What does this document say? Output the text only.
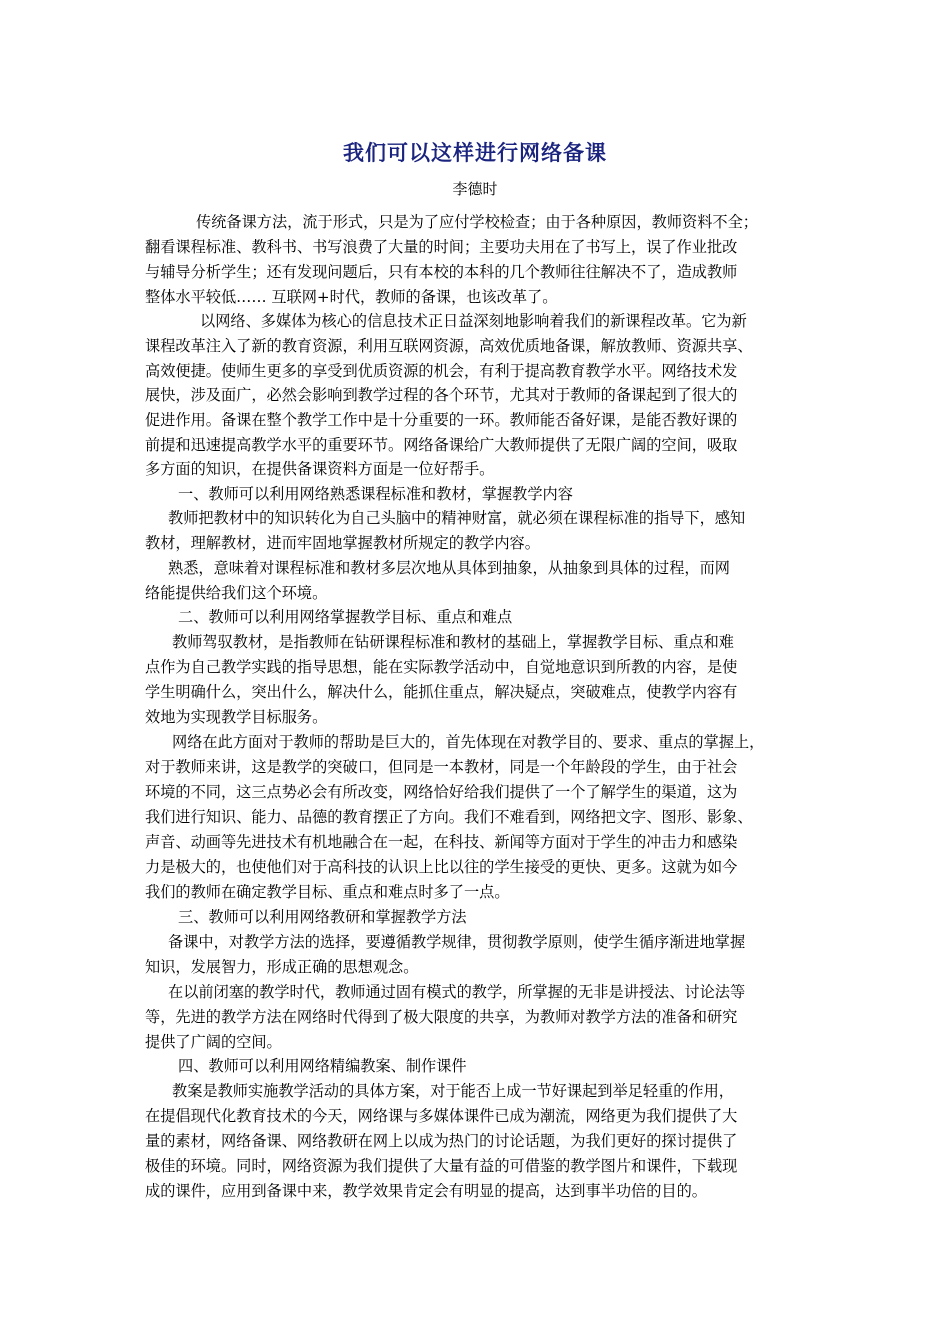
我们可以这样进行网络备课
李德时
传统备课方法，流于形式，只是为了应付学校检查；由于各种原因，教师资料不全；
翻看课程标准、教科书、书写浪费了大量的时间；主要功夫用在了书写上，误了作业批改
与辅导分析学生；还有发现问题后，只有本校的本科的几个教师往往解决不了，造成教师
整体水平较低…… 互联网+时代，教师的备课，也该改革了。
以网络、多媒体为核心的信息技术正日益深刻地影响着我们的新课程改革。它为新
课程改革注入了新的教育资源，利用互联网资源，高效优质地备课，解放教师、资源共享、
高效便捷。使师生更多的享受到优质资源的机会，有利于提高教育教学水平。网络技术发
展快，涉及面广，必然会影响到教学过程的各个环节，尤其对于教师的备课起到了很大的
促进作用。备课在整个教学工作中是十分重要的一环。教师能否备好课，是能否教好课的
前提和迅速提高教学水平的重要环节。网络备课给广大教师提供了无限广阔的空间，吸取
多方面的知识，在提供备课资料方面是一位好帮手。
一、教师可以利用网络熟悉课程标准和教材，掌握教学内容
教师把教材中的知识转化为自己头脑中的精神财富，就必须在课程标准的指导下，感知
教材，理解教材，进而牢固地掌握教材所规定的教学内容。
熟悉，意味着对课程标准和教材多层次地从具体到抽象，从抽象到具体的过程，而网
络能提供给我们这个环境。
二、教师可以利用网络掌握教学目标、重点和难点
教师驾驭教材，是指教师在钻研课程标准和教材的基础上，掌握教学目标、重点和难
点作为自己教学实践的指导思想，能在实际教学活动中，自觉地意识到所教的内容，是使
学生明确什么，突出什么，解决什么，能抓住重点，解决疑点，突破难点，使教学内容有
效地为实现教学目标服务。
网络在此方面对于教师的帮助是巨大的，首先体现在对教学目的、要求、重点的掌握上，
对于教师来讲，这是教学的突破口，但同是一本教材，同是一个年龄段的学生，由于社会
环境的不同，这三点势必会有所改变，网络恰好给我们提供了一个了解学生的渠道，这为
我们进行知识、能力、品德的教育摆正了方向。我们不难看到，网络把文字、图形、影象、
声音、动画等先进技术有机地融合在一起，在科技、新闻等方面对于学生的冲击力和感染
力是极大的，也使他们对于高科技的认识上比以往的学生接受的更快、更多。这就为如今
我们的教师在确定教学目标、重点和难点时多了一点。
三、教师可以利用网络教研和掌握教学方法
备课中，对教学方法的选择，要遵循教学规律，贯彻教学原则，使学生循序渐进地掌握
知识，发展智力，形成正确的思想观念。
在以前闭塞的教学时代，教师通过固有模式的教学，所掌握的无非是讲授法、讨论法等
等，先进的教学方法在网络时代得到了极大限度的共享，为教师对教学方法的准备和研究
提供了广阔的空间。
四、教师可以利用网络精编教案、制作课件
教案是教师实施教学活动的具体方案，对于能否上成一节好课起到举足轻重的作用，
在提倡现代化教育技术的今天，网络课与多媒体课件已成为潮流，网络更为我们提供了大
量的素材，网络备课、网络教研在网上以成为热门的讨论话题，为我们更好的探讨提供了
极佳的环境。同时，网络资源为我们提供了大量有益的可借鉴的教学图片和课件，下载现
成的课件，应用到备课中来，教学效果肯定会有明显的提高，达到事半功倍的目的。
